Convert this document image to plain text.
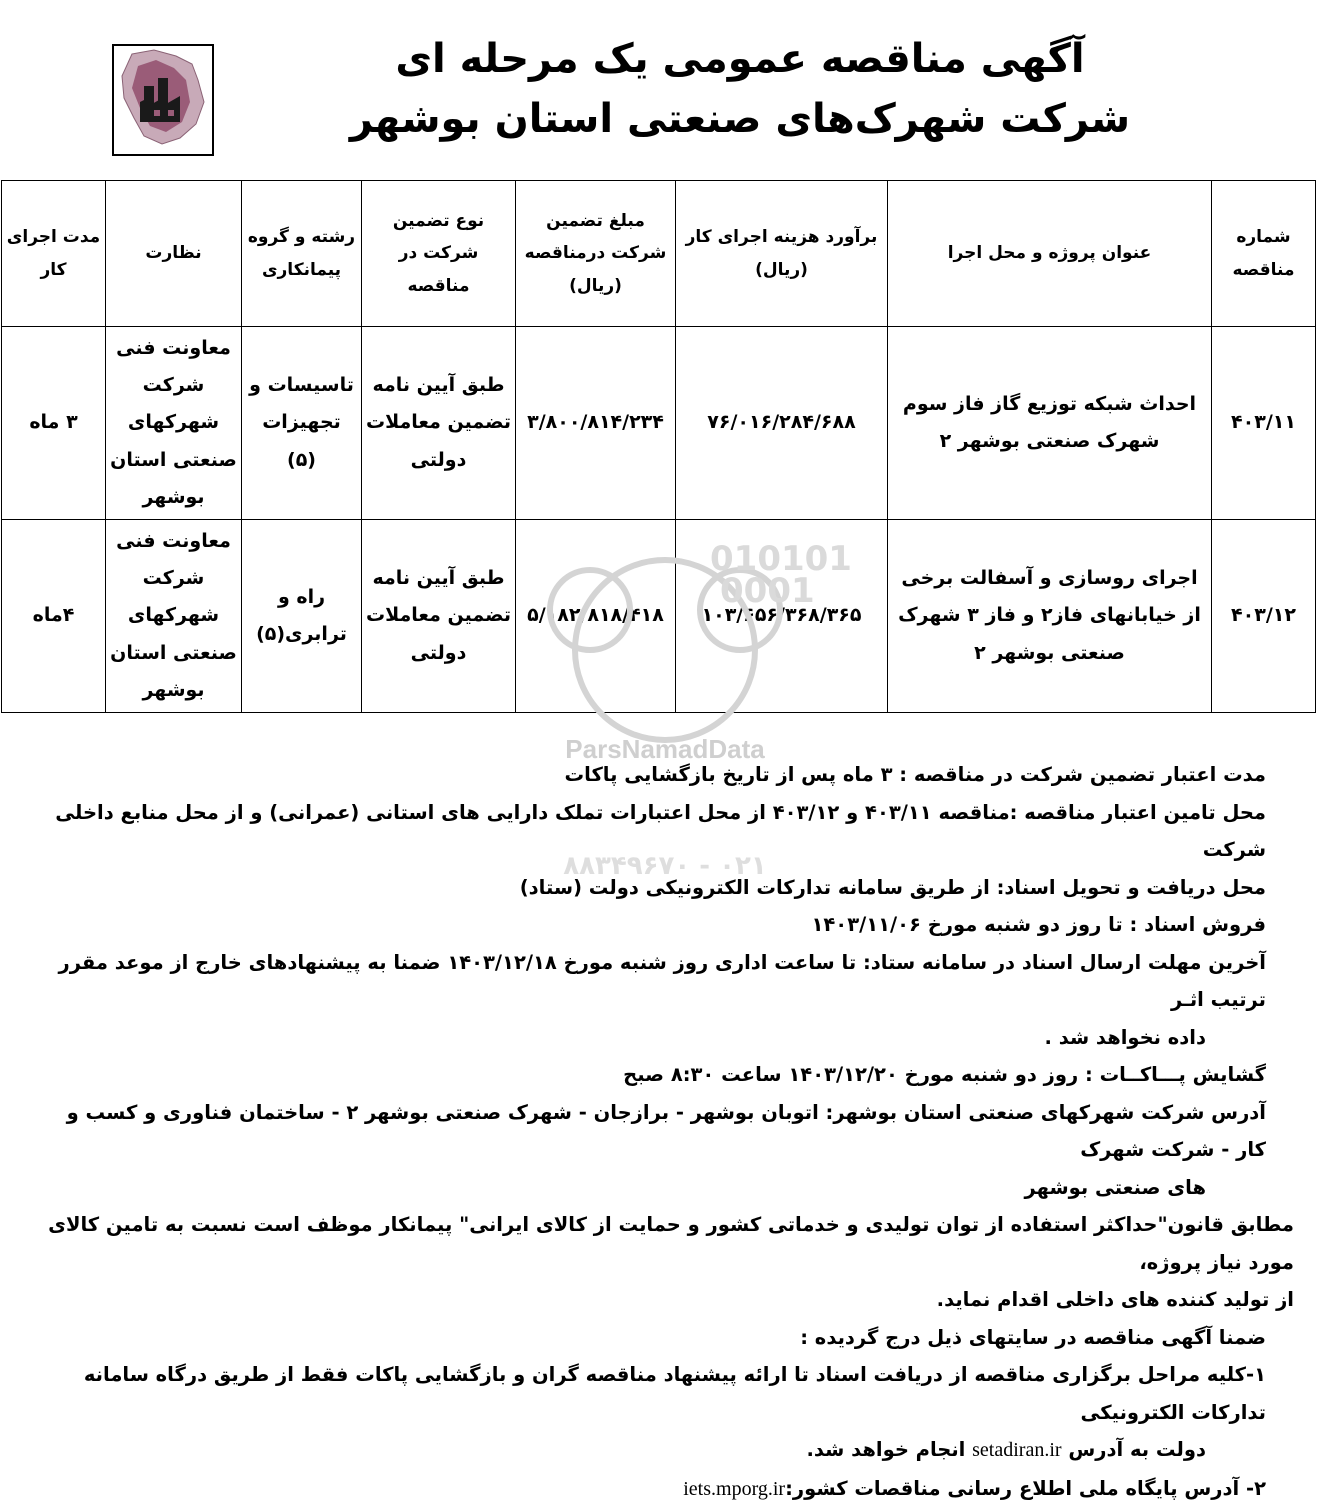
آگهی مناقصه عمومی یک مرحله ای
شرکت شهرک‌های صنعتی استان بوشهر
شماره مناقصه	عنوان پروژه و محل اجرا	برآورد هزینه اجرای کار (ریال)	مبلغ تضمین شرکت درمناقصه (ریال)	نوع تضمین شرکت در مناقصه	رشته و گروه پیمانکاری	نظارت	مدت اجرای کار
۴۰۳/۱۱	احداث شبکه توزیع گاز فاز سوم شهرک صنعتی بوشهر ۲	۷۶/۰۱۶/۲۸۴/۶۸۸	۳/۸۰۰/۸۱۴/۲۳۴	طبق آیین نامه تضمین معاملات دولتی	تاسیسات و تجهیزات (۵)	معاونت فنی شرکت شهرکهای صنعتی استان بوشهر	۳ ماه
۴۰۳/۱۲	اجرای روسازی و آسفالت برخی از خیابانهای فاز۲ و فاز ۳ شهرک صنعتی بوشهر ۲	۱۰۳/۶۵۶/۳۶۸/۳۶۵	۵/۱۸۲/۸۱۸/۴۱۸	طبق آیین نامه تضمین معاملات دولتی	راه و ترابری(۵)	معاونت فنی شرکت شهرکهای صنعتی استان بوشهر	۴ماه
010101
0001
ParsNamadData
۰۲۱ - ۸۸۳۴۹۶۷۰

مدت اعتبار تضمین شرکت در مناقصه : ۳ ماه پس از تاریخ بازگشایی پاکات

محل تامین اعتبار مناقصه :مناقصه ۴۰۳/۱۱ و ۴۰۳/۱۲ از محل اعتبارات تملک دارایی های استانی (عمرانی) و از محل منابع داخلی شرکت

محل دریافت و تحویل اسناد: از طریق سامانه تدارکات الکترونیکی دولت (ستاد)

فروش اسناد : تا روز دو شنبه مورخ ۱۴۰۳/۱۱/۰۶

آخرین مهلت ارسال اسناد در سامانه ستاد: تا ساعت اداری روز شنبه مورخ ۱۴۰۳/۱۲/۱۸ ضمنا به پیشنهادهای خارج از موعد مقرر ترتیب اثـر

داده نخواهد شد .

گشایش پـــاکــات : روز دو شنبه مورخ ۱۴۰۳/۱۲/۲۰ ساعت ۸:۳۰ صبح

آدرس شرکت شهرکهای صنعتی استان بوشهر: اتوبان بوشهر - برازجان - شهرک صنعتی بوشهر ۲ - ساختمان فناوری و کسب و کار - شرکت شهرک

های صنعتی بوشهر

مطابق قانون"حداکثر استفاده از توان تولیدی و خدماتی کشور و حمایت از کالای ایرانی" پیمانکار موظف است نسبت به تامین کالای مورد نیاز پروژه،

از تولید کننده های داخلی اقدام نماید.

ضمنا آگهی مناقصه در سایتهای ذیل درج گردیده :

۱-کلیه مراحل برگزاری مناقصه از دریافت اسناد تا ارائه پیشنهاد مناقصه گران و بازگشایی پاکات فقط از طریق درگاه سامانه تدارکات الکترونیکی

دولت به آدرس setadiran.ir انجام خواهد شد.

۲- آدرس پایگاه ملی اطلاع رسانی مناقصات کشور:iets.mporg.ir
